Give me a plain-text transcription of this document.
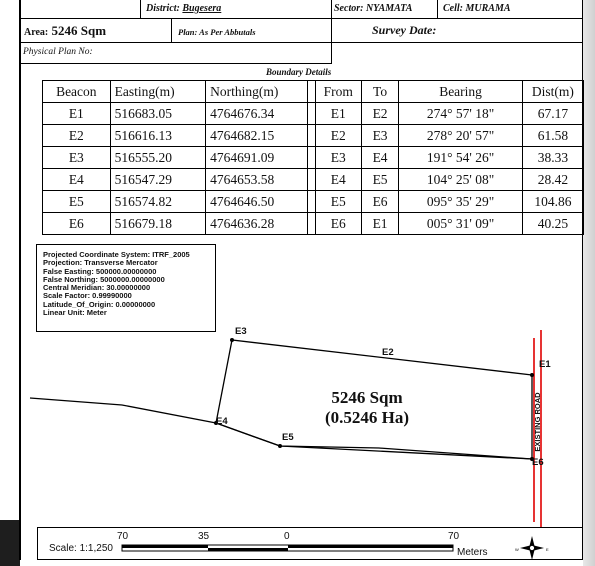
District: Bugesera	Sector: NYAMATA	Cell: MURAMA
Area: 5246 Sqm	Plan: As Per Abbutals	Survey Date:
Physical Plan No:
Boundary Details
Beacon	Easting(m)	Northing(m)		From	To	Bearing	Dist(m)
E1	516683.05	4764676.34		E1	E2	274° 57' 18"	67.17
E2	516616.13	4764682.15		E2	E3	278° 20' 57"	61.58
E3	516555.20	4764691.09		E3	E4	191° 54' 26"	38.33
E4	516547.29	4764653.58		E4	E5	104° 25' 08"	28.42
E5	516574.82	4764646.50		E5	E6	095° 35' 29"	104.86
E6	516679.18	4764636.28		E6	E1	005° 31' 09"	40.25
Projected Coordinate System: ITRF_2005
Projection: Transverse Mercator
False Easting: 500000.00000000
False Northing: 5000000.00000000
Central Meridian: 30.00000000
Scale Factor: 0.99990000
Latitude_Of_Origin: 0.00000000
Linear Unit: Meter
E1
E2
E3
E4
E5
E6
5246 Sqm
(0.5246 Ha)	EXISTING ROAD
Scale: 1:1,250
70	35	0	70
Meters	W	E
